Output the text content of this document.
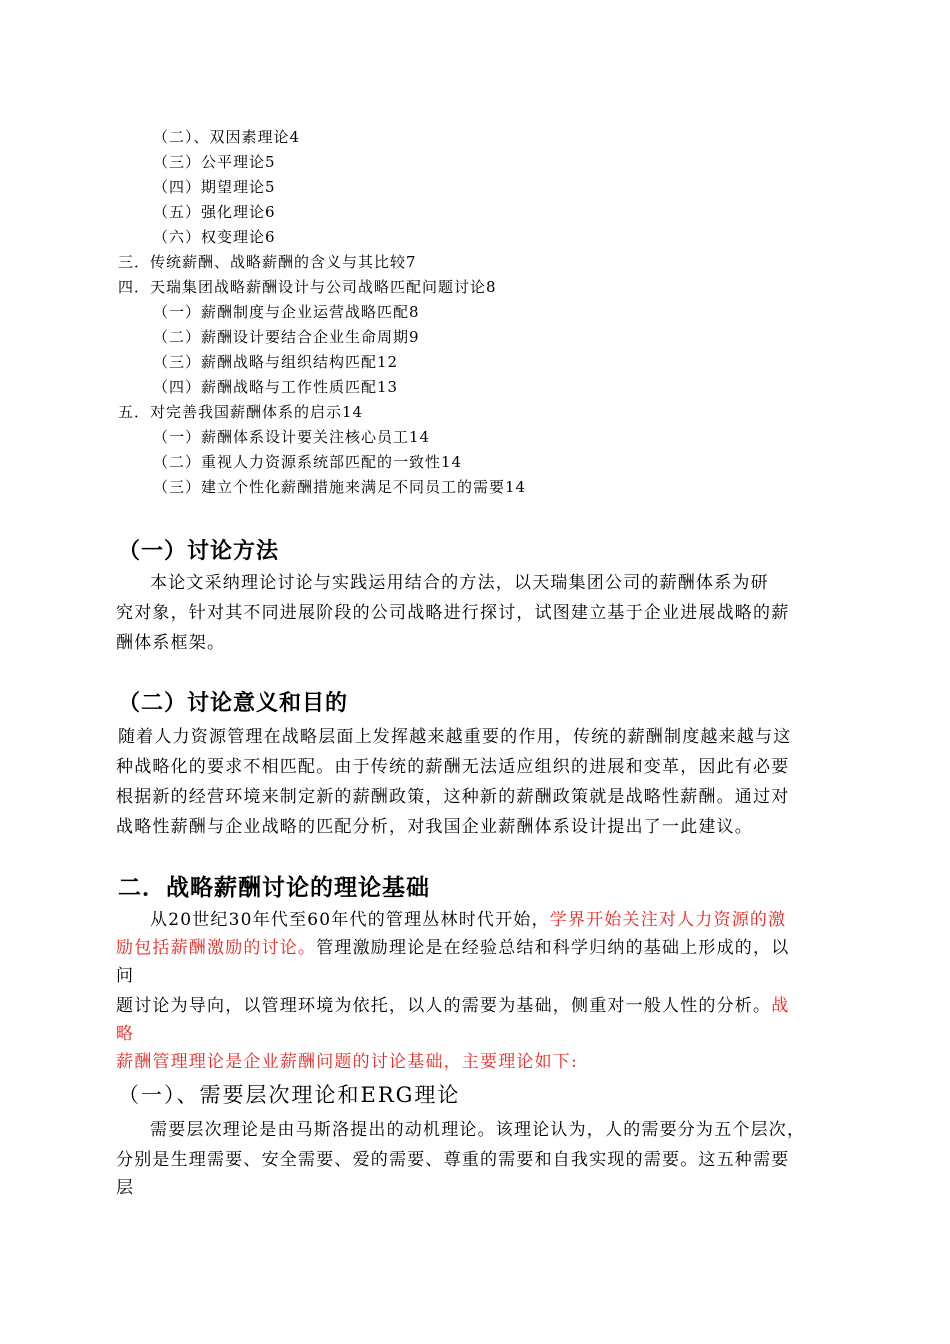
（二）、双因素理论4
（三）公平理论5
（四）期望理论5
（五）强化理论6
（六）权变理论6
三．传统薪酬、战略薪酬的含义与其比较7
四．天瑞集团战略薪酬设计与公司战略匹配问题讨论8
（一）薪酬制度与企业运营战略匹配8
（二）薪酬设计要结合企业生命周期9
（三）薪酬战略与组织结构匹配12
（四）薪酬战略与工作性质匹配13
五．对完善我国薪酬体系的启示14
（一）薪酬体系设计要关注核心员工14
（二）重视人力资源系统部匹配的一致性14
（三）建立个性化薪酬措施来满足不同员工的需要14
（一）讨论方法
本论文采纳理论讨论与实践运用结合的方法，以天瑞集团公司的薪酬体系为研
究对象，针对其不同进展阶段的公司战略进行探讨，试图建立基于企业进展战略的薪
酬体系框架。
（二）讨论意义和目的
随着人力资源管理在战略层面上发挥越来越重要的作用，传统的薪酬制度越来越与这
种战略化的要求不相匹配。由于传统的薪酬无法适应组织的进展和变革，因此有必要
根据新的经营环境来制定新的薪酬政策，这种新的薪酬政策就是战略性薪酬。通过对
战略性薪酬与企业战略的匹配分析，对我国企业薪酬体系设计提出了一此建议。
二．战略薪酬讨论的理论基础
从20世纪30年代至60年代的管理丛林时代开始，学界开始关注对人力资源的激
励包括薪酬激励的讨论。管理激励理论是在经验总结和科学归纳的基础上形成的，以
问
题讨论为导向，以管理环境为依托，以人的需要为基础，侧重对一般人性的分析。战
略
薪酬管理理论是企业薪酬问题的讨论基础，主要理论如下:
（一）、需要层次理论和ERG理论
需要层次理论是由马斯洛提出的动机理论。该理论认为，人的需要分为五个层次，
分别是生理需要、安全需要、爱的需要、尊重的需要和自我实现的需要。这五种需要
层
